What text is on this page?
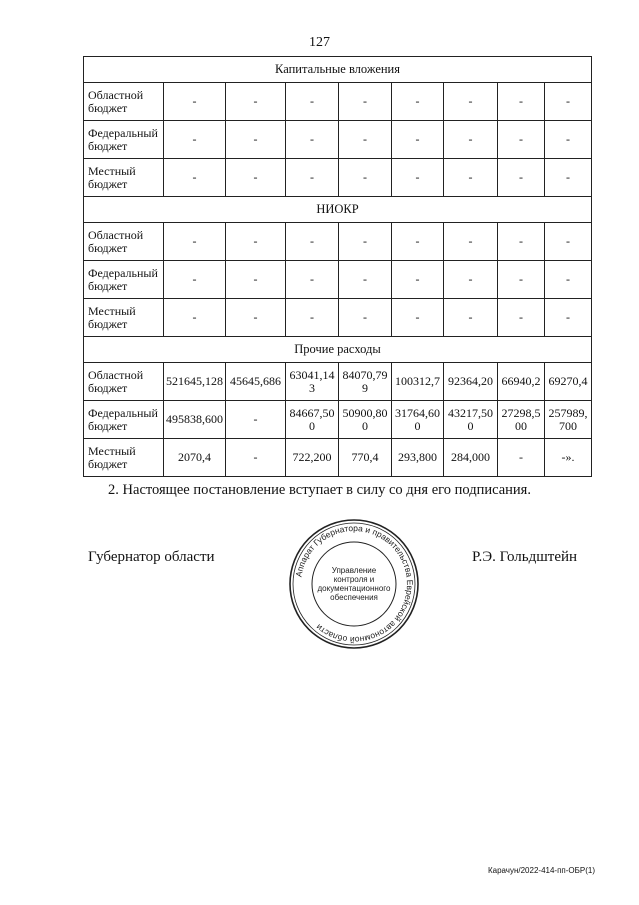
127
Капитальные вложения								
Областной бюджет	-	-	-	-	-	-	-	-
Федеральный бюджет	-	-	-	-	-	-	-	-
Местный бюджет	-	-	-	-	-	-	-	-
НИОКР								
Областной бюджет	-	-	-	-	-	-	-	-
Федеральный бюджет	-	-	-	-	-	-	-	-
Местный бюджет	-	-	-	-	-	-	-	-
Прочие расходы								
Областной бюджет	521645,128	45645,686	63041,143	84070,799	100312,7	92364,20	66940,2	69270,4
Федеральный бюджет	495838,600	-	84667,500	50900,800	31764,600	43217,500	27298,500	257989,700
Местный бюджет	2070,4	-	722,200	770,4	293,800	284,000	-	-».
2. Настоящее постановление вступает в силу со дня его подписания.
Губернатор области	Р.Э. Гольдштейн
Аппарат Губернатора и правительства Еврейской автономной области
Управление контроля и документационного обеспечения
Карачун/2022-414-пп-ОБР(1)
